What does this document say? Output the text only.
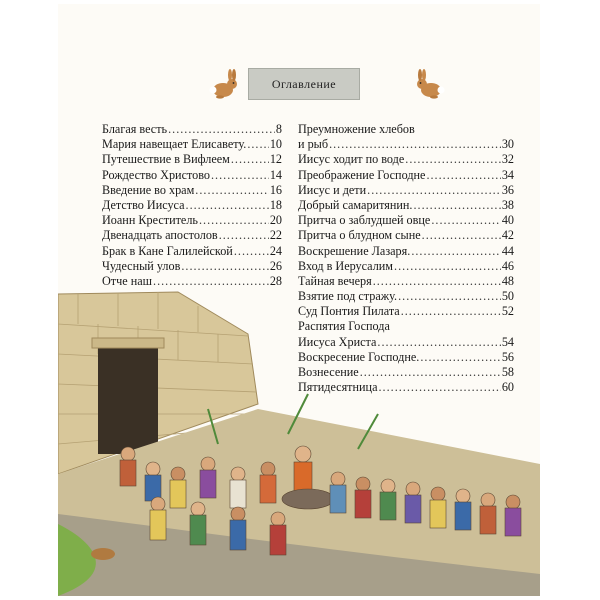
Оглавление
Благая весть .....	8
Мария навещает Елисавету. ..... 10
Путешествие в Вифлеем .....	12
Рождество Христово .....	14
Введение во храм .....	16
Детство Иисуса .....	18
Иоанн Креститель .....	20
Двенадцать апостолов .....	22
Брак в Кане Галилейской .....	24
Чудесный улов .....	26
Отче наш .....	28
Преумножение хлебов
и рыб .....	30
Иисус ходит по воде .....	32
Преображение Господне .....	34
Иисус и дети .....	36
Добрый самаритянин. .....	38
Притча о заблудшей овце .....	40
Притча о блудном сыне .....	42
Воскрешение Лазаря. .....	44
Вход в Иерусалим .....	46
Тайная вечеря .....	48
Взятие под стражу. .....	50
Суд Понтия Пилата .....	52
Распятия Господа
Иисуса Христа .....	54
Воскресение Господне. .....	56
Вознесение .....	58
Пятидесятница .....	60
